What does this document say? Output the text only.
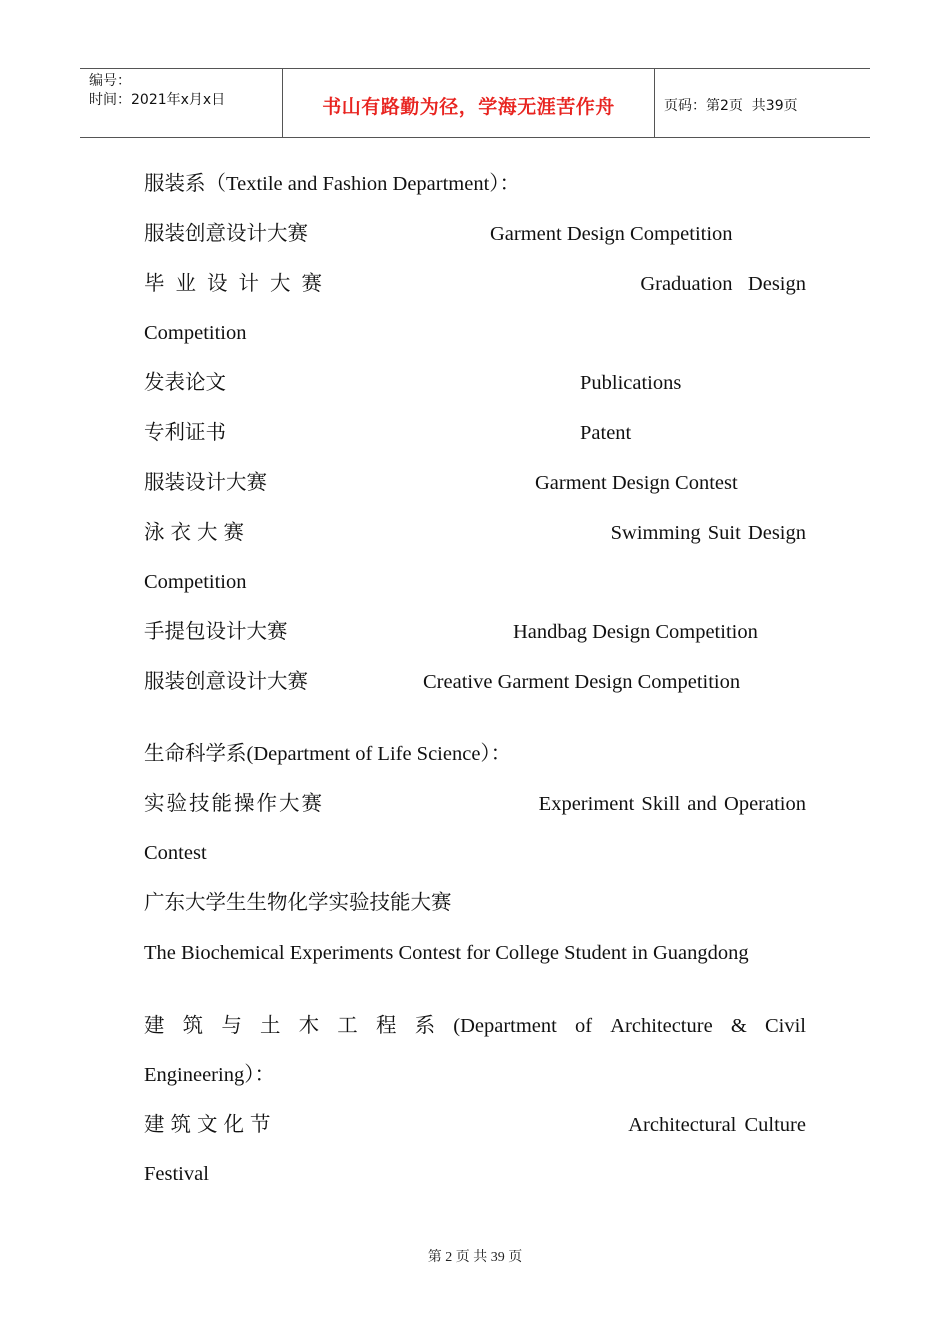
编号：
时间：2021年x月x日	书山有路勤为径，学海无涯苦作舟	页码：第2页  共39页
服装系（Textile and Fashion Department）：
服装创意设计大赛	Garment Design Competition
毕业设计大赛	Graduation Design
Competition
发表论文	Publications
专利证书	Patent
服装设计大赛	Garment Design Contest
泳衣大赛	Swimming Suit Design
Competition
手提包设计大赛	Handbag Design Competition
服装创意设计大赛	Creative Garment Design Competition
生命科学系(Department of Life Science）：
实验技能操作大赛	Experiment Skill and Operation
Contest
广东大学生生物化学实验技能大赛
The Biochemical Experiments Contest for College Student in Guangdong
建 筑 与 土 木 工 程 系 (Department of Architecture & Civil
Engineering）：
建筑文化节	Architectural Culture
Festival
第 2 页 共 39 页
